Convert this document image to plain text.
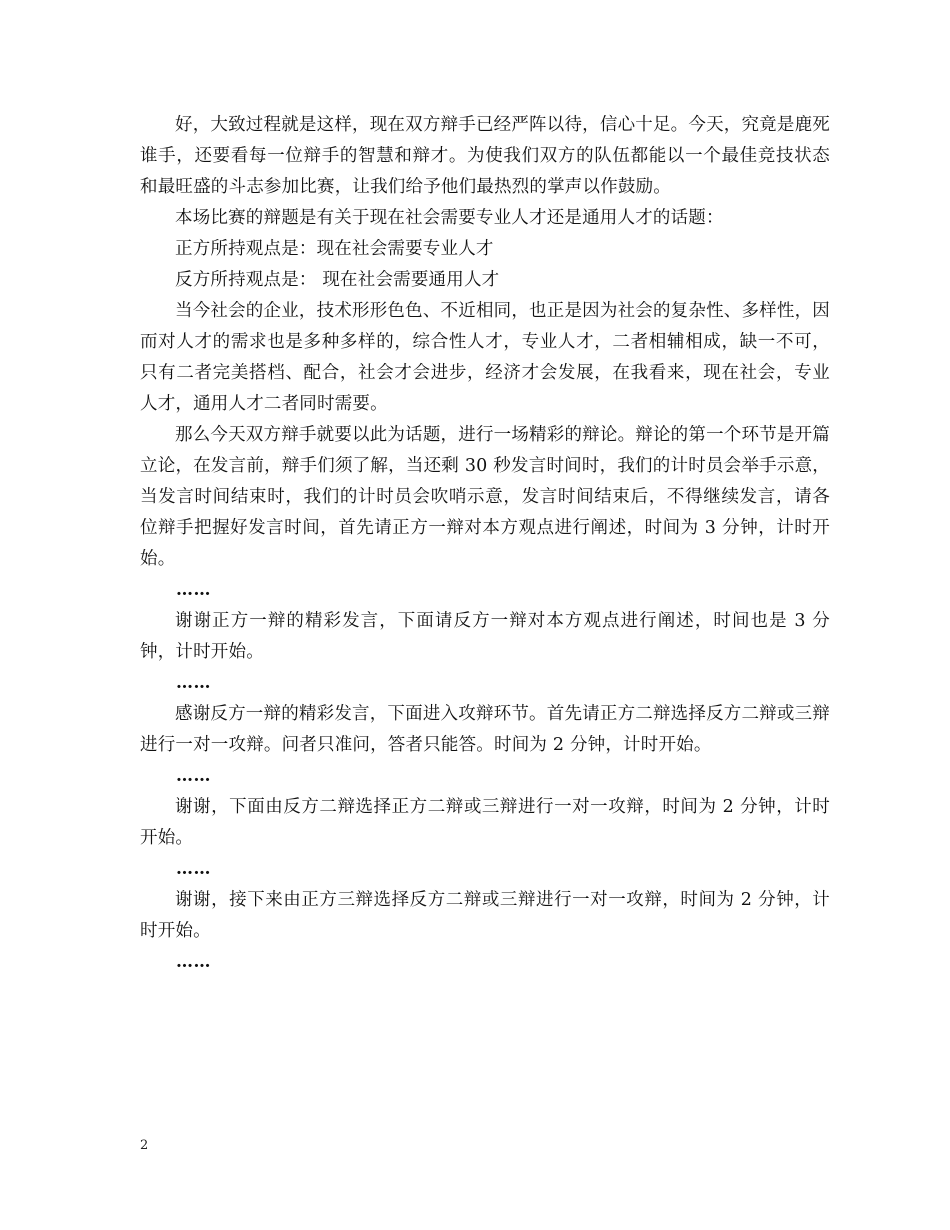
好，大致过程就是这样，现在双方辩手已经严阵以待，信心十足。今天，究竟是鹿死谁手，还要看每一位辩手的智慧和辩才。为使我们双方的队伍都能以一个最佳竞技状态和最旺盛的斗志参加比赛，让我们给予他们最热烈的掌声以作鼓励。

本场比赛的辩题是有关于现在社会需要专业人才还是通用人才的话题：

正方所持观点是：现在社会需要专业人才

反方所持观点是： 现在社会需要通用人才

当今社会的企业，技术形形色色、不近相同，也正是因为社会的复杂性、多样性，因而对人才的需求也是多种多样的，综合性人才，专业人才，二者相辅相成，缺一不可，只有二者完美搭档、配合，社会才会进步，经济才会发展，在我看来，现在社会，专业人才，通用人才二者同时需要。

那么今天双方辩手就要以此为话题，进行一场精彩的辩论。辩论的第一个环节是开篇立论，在发言前，辩手们须了解，当还剩 30 秒发言时间时，我们的计时员会举手示意，当发言时间结束时，我们的计时员会吹哨示意，发言时间结束后，不得继续发言，请各位辩手把握好发言时间，首先请正方一辩对本方观点进行阐述，时间为 3 分钟，计时开始。

……

谢谢正方一辩的精彩发言，下面请反方一辩对本方观点进行阐述，时间也是 3 分钟，计时开始。

……

感谢反方一辩的精彩发言，下面进入攻辩环节。首先请正方二辩选择反方二辩或三辩进行一对一攻辩。问者只准问，答者只能答。时间为 2 分钟，计时开始。

……

谢谢，下面由反方二辩选择正方二辩或三辩进行一对一攻辩，时间为 2 分钟，计时开始。

……

谢谢，接下来由正方三辩选择反方二辩或三辩进行一对一攻辩，时间为 2 分钟，计时开始。

……

2
